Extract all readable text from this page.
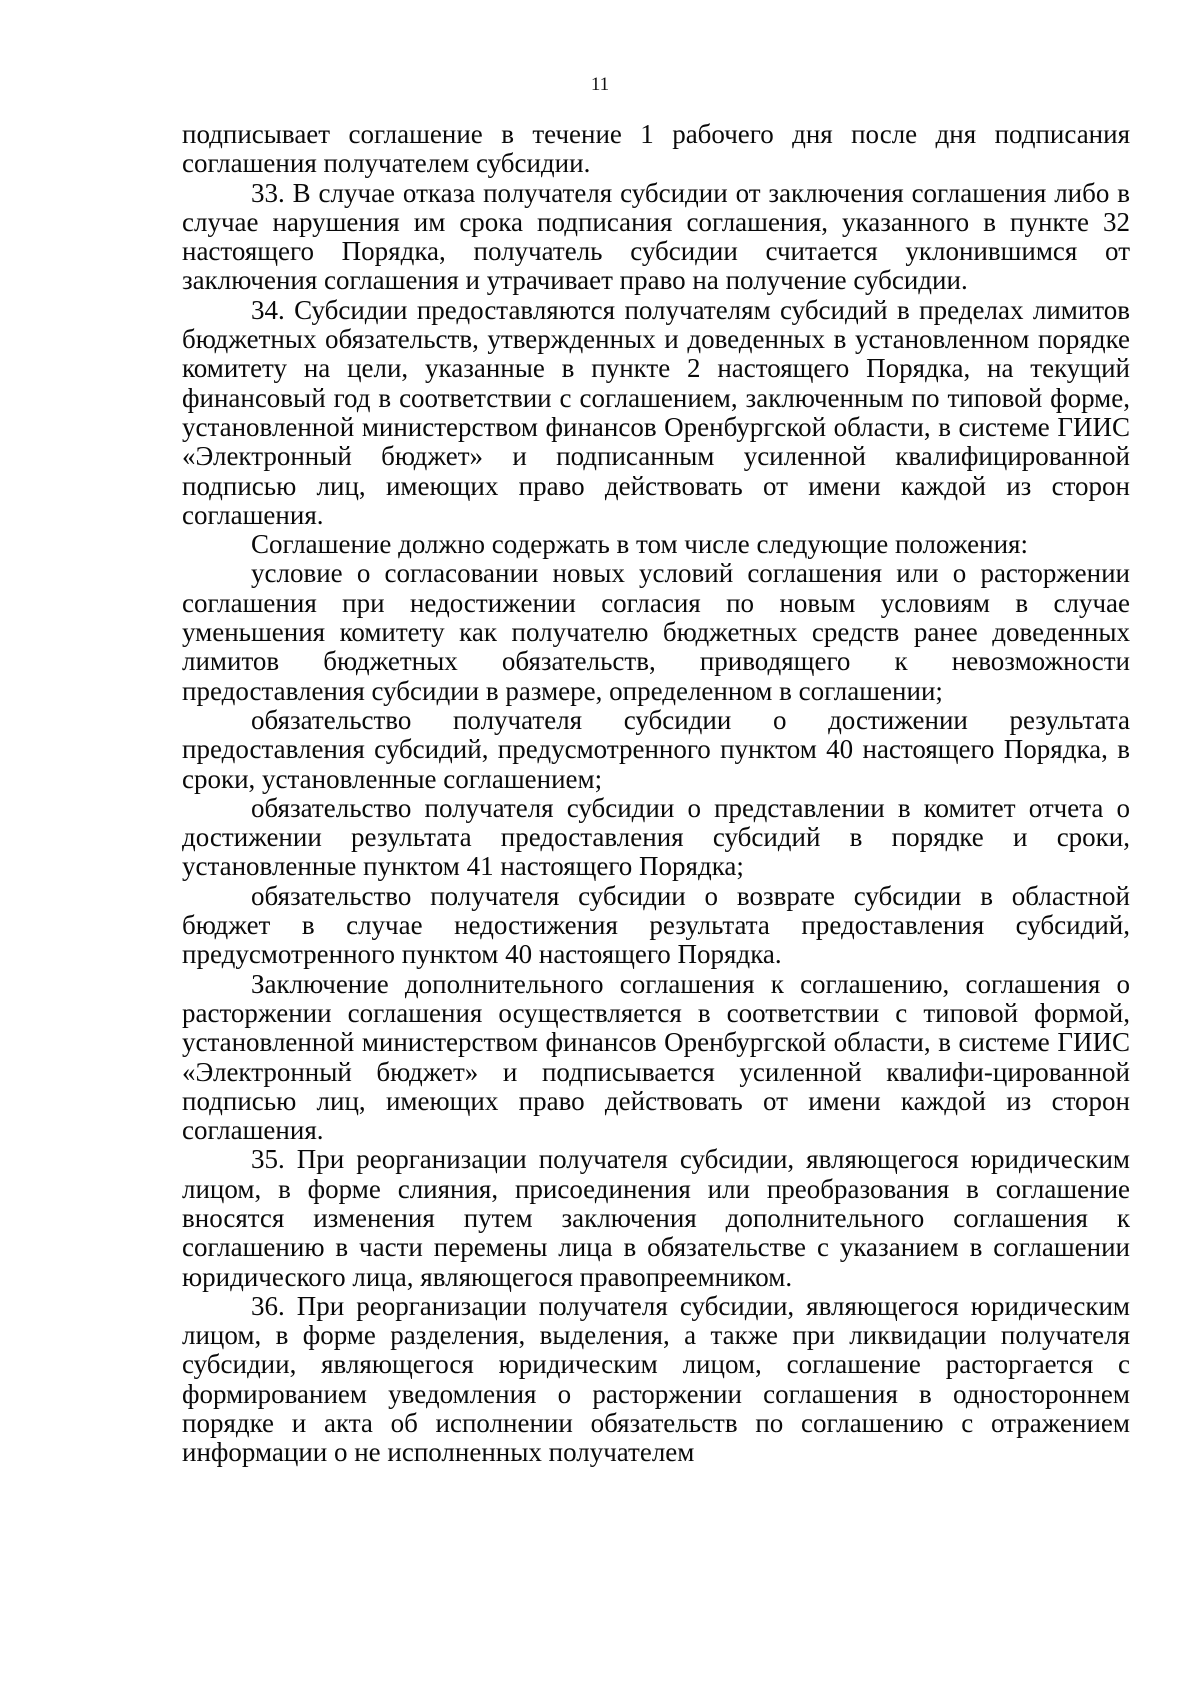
11

подписывает соглашение в течение 1 рабочего дня после дня подписания соглашения получателем субсидии.

33. В случае отказа получателя субсидии от заключения соглашения либо в случае нарушения им срока подписания соглашения, указанного в пункте 32 настоящего Порядка, получатель субсидии считается уклонившимся от заключения соглашения и утрачивает право на получение субсидии.

34. Субсидии предоставляются получателям субсидий в пределах лимитов бюджетных обязательств, утвержденных и доведенных в установленном порядке комитету на цели, указанные в пункте 2 настоящего Порядка, на текущий финансовый год в соответствии с соглашением, заключенным по типовой форме, установленной министерством финансов Оренбургской области, в системе ГИИС «Электронный бюджет» и подписанным усиленной квалифицированной подписью лиц, имеющих право действовать от имени каждой из сторон соглашения.

Соглашение должно содержать в том числе следующие положения:

условие о согласовании новых условий соглашения или о расторжении соглашения при недостижении согласия по новым условиям в случае уменьшения комитету как получателю бюджетных средств ранее доведенных лимитов бюджетных обязательств, приводящего к невозможности предоставления субсидии в размере, определенном в соглашении;

обязательство получателя субсидии о достижении результата предоставления субсидий, предусмотренного пунктом 40 настоящего Порядка, в сроки, установленные соглашением;

обязательство получателя субсидии о представлении в комитет отчета о достижении результата предоставления субсидий в порядке и сроки, установленные пунктом 41 настоящего Порядка;

обязательство получателя субсидии о возврате субсидии в областной бюджет в случае недостижения результата предоставления субсидий, предусмотренного пунктом 40 настоящего Порядка.

Заключение дополнительного соглашения к соглашению, соглашения о расторжении соглашения осуществляется в соответствии с типовой формой, установленной министерством финансов Оренбургской области, в системе ГИИС «Электронный бюджет» и подписывается усиленной квалифи-цированной подписью лиц, имеющих право действовать от имени каждой из сторон соглашения.

35. При реорганизации получателя субсидии, являющегося юридическим лицом, в форме слияния, присоединения или преобразования в соглашение вносятся изменения путем заключения дополнительного соглашения к соглашению в части перемены лица в обязательстве с указанием в соглашении юридического лица, являющегося правопреемником.

36. При реорганизации получателя субсидии, являющегося юридическим лицом, в форме разделения, выделения, а также при ликвидации получателя субсидии, являющегося юридическим лицом, соглашение расторгается с формированием уведомления о расторжении соглашения в одностороннем порядке и акта об исполнении обязательств по соглашению с отражением информации о не исполненных получателем
